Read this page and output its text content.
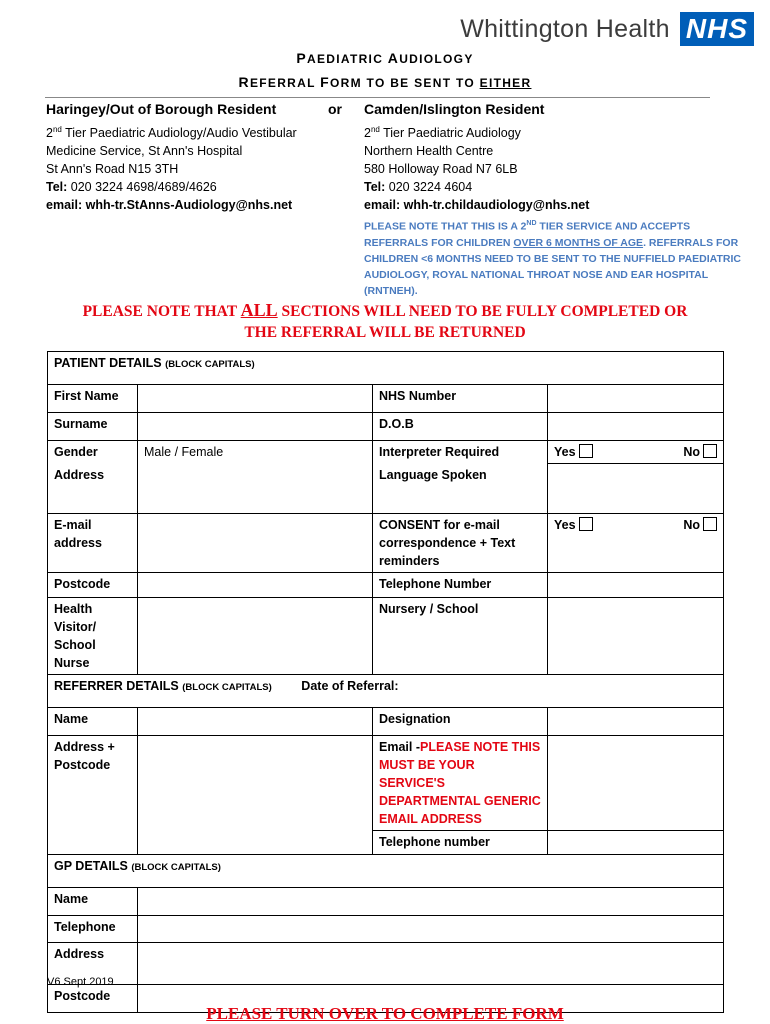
Whittington Health NHS
PAEDIATRIC AUDIOLOGY
REFERRAL FORM TO BE SENT TO EITHER
Haringey/Out of Borough Resident
2nd Tier Paediatric Audiology/Audio Vestibular Medicine Service, St Ann's Hospital
St Ann's Road N15 3TH
Tel: 020 3224 4698/4689/4626
email: whh-tr.StAnns-Audiology@nhs.net
or Camden/Islington Resident
2nd Tier Paediatric Audiology
Northern Health Centre
580 Holloway Road N7 6LB
Tel: 020 3224 4604
email: whh-tr.childaudiology@nhs.net
PLEASE NOTE THAT THIS IS A 2ND TIER SERVICE AND ACCEPTS REFERRALS FOR CHILDREN OVER 6 MONTHS OF AGE. REFERRALS FOR CHILDREN <6 MONTHS NEED TO BE SENT TO THE NUFFIELD PAEDIATRIC AUDIOLOGY, ROYAL NATIONAL THROAT NOSE AND EAR HOSPITAL (RNTNEH).
PLEASE NOTE THAT ALL SECTIONS WILL NEED TO BE FULLY COMPLETED OR
THE REFERRAL WILL BE RETURNED
PATIENT DETAILS (BLOCK CAPITALS)			
First Name		NHS Number	
Surname		D.O.B	
Gender	Male / Female	Interpreter Required	Yes No

Address		Language Spoken	
E-mail address		CONSENT for e-mail correspondence + Text reminders	Yes No

Postcode		Telephone Number	
Health Visitor/ School Nurse		Nursery / School	
REFERRER DETAILS (BLOCK CAPITALS) Date of Referral:			
Name		Designation	
Address + Postcode		Email -PLEASE NOTE THIS MUST BE YOUR SERVICE'S DEPARTMENTAL GENERIC EMAIL ADDRESS	
		Telephone number	
GP DETAILS (BLOCK CAPITALS)			
Name			
Telephone			
Address			
Postcode			
V6 Sept 2019
PLEASE TURN OVER TO COMPLETE FORM
